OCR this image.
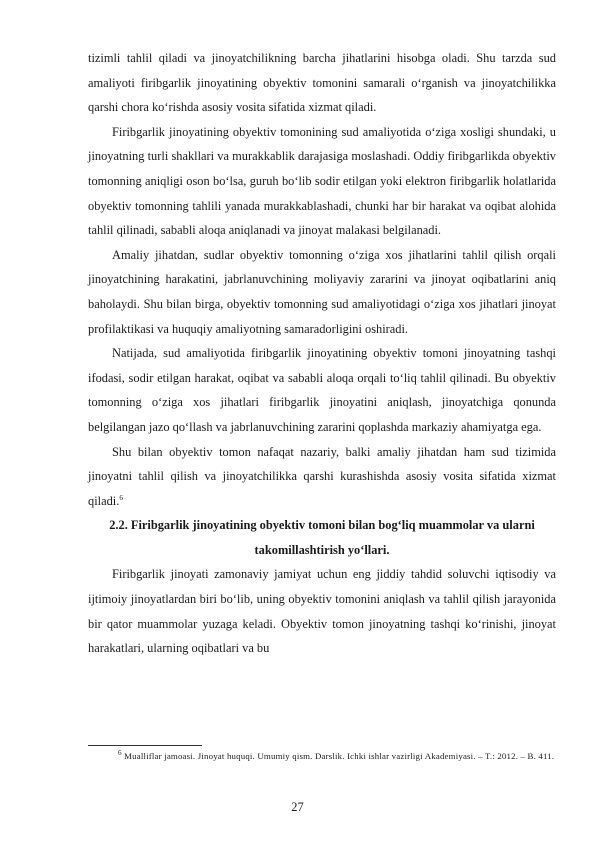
tizimli tahlil qiladi va jinoyatchilikning barcha jihatlarini hisobga oladi. Shu tarzda sud amaliyoti firibgarlik jinoyatining obyektiv tomonini samarali o‘rganish va jinoyatchilikka qarshi chora ko‘rishda asosiy vosita sifatida xizmat qiladi.

Firibgarlik jinoyatining obyektiv tomonining sud amaliyotida o‘ziga xosligi shundaki, u jinoyatning turli shakllari va murakkablik darajasiga moslashadi. Oddiy firibgarlikda obyektiv tomonning aniqligi oson bo‘lsa, guruh bo‘lib sodir etilgan yoki elektron firibgarlik holatlarida obyektiv tomonning tahlili yanada murakkablashadi, chunki har bir harakat va oqibat alohida tahlil qilinadi, sababli aloqa aniqlanadi va jinoyat malakasi belgilanadi.

Amaliy jihatdan, sudlar obyektiv tomonning o‘ziga xos jihatlarini tahlil qilish orqali jinoyatchining harakatini, jabrlanuvchining moliyaviy zararini va jinoyat oqibatlarini aniq baholaydi. Shu bilan birga, obyektiv tomonning sud amaliyotidagi o‘ziga xos jihatlari jinoyat profilaktikasi va huquqiy amaliyotning samaradorligini oshiradi.

Natijada, sud amaliyotida firibgarlik jinoyatining obyektiv tomoni jinoyatning tashqi ifodasi, sodir etilgan harakat, oqibat va sababli aloqa orqali to‘liq tahlil qilinadi. Bu obyektiv tomonning o‘ziga xos jihatlari firibgarlik jinoyatini aniqlash, jinoyatchiga qonunda belgilangan jazo qo‘llash va jabrlanuvchining zararini qoplashda markaziy ahamiyatga ega.

Shu bilan obyektiv tomon nafaqat nazariy, balki amaliy jihatdan ham sud tizimida jinoyatni tahlil qilish va jinoyatchilikka qarshi kurashishda asosiy vosita sifatida xizmat qiladi.$^6$

2.2. Firibgarlik jinoyatining obyektiv tomoni bilan bog‘liq muammolar va ularni takomillashtirish yo‘llari.

Firibgarlik jinoyati zamonaviy jamiyat uchun eng jiddiy tahdid soluvchi iqtisodiy va ijtimoiy jinoyatlardan biri bo‘lib, uning obyektiv tomonini aniqlash va tahlil qilish jarayonida bir qator muammolar yuzaga keladi. Obyektiv tomon jinoyatning tashqi ko‘rinishi, jinoyat harakatlari, ularning oqibatlari va bu

$^6$ Mualliflar jamoasi. Jinoyat huquqi. Umumiy qism. Darslik. Ichki ishlar vazirligi Akademiyasi. – T.: 2012. – B. 411.
27
